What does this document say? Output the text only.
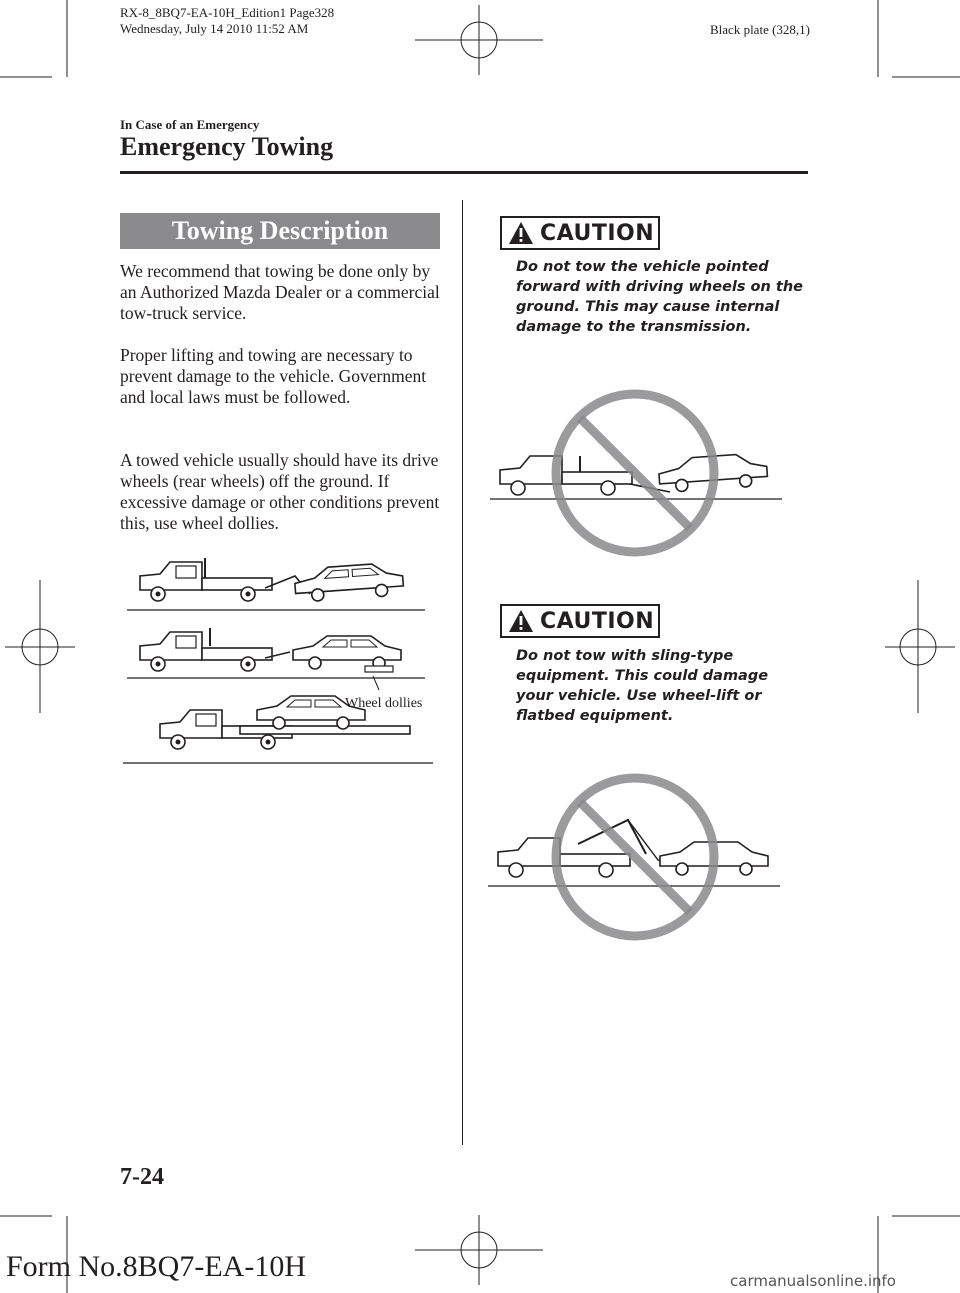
RX-8_8BQ7-EA-10H_Edition1 Page328
Wednesday, July 14 2010 11:52 AM	Black plate (328,1)
In Case of an Emergency
Emergency Towing
Towing Description

We recommend that towing be done only by an Authorized Mazda Dealer or a commercial tow-truck service.

Proper lifting and towing are necessary to prevent damage to the vehicle. Government and local laws must be followed.

A towed vehicle usually should have its drive wheels (rear wheels) off the ground. If excessive damage or other conditions prevent this, use wheel dollies.

Wheel dollies
CAUTION

Do not tow the vehicle pointed forward with driving wheels on the ground. This may cause internal damage to the transmission.

CAUTION

Do not tow with sling-type equipment. This could damage your vehicle. Use wheel-lift or flatbed equipment.

7-24
Form No.8BQ7-EA-10H	carmanualsonline.info
